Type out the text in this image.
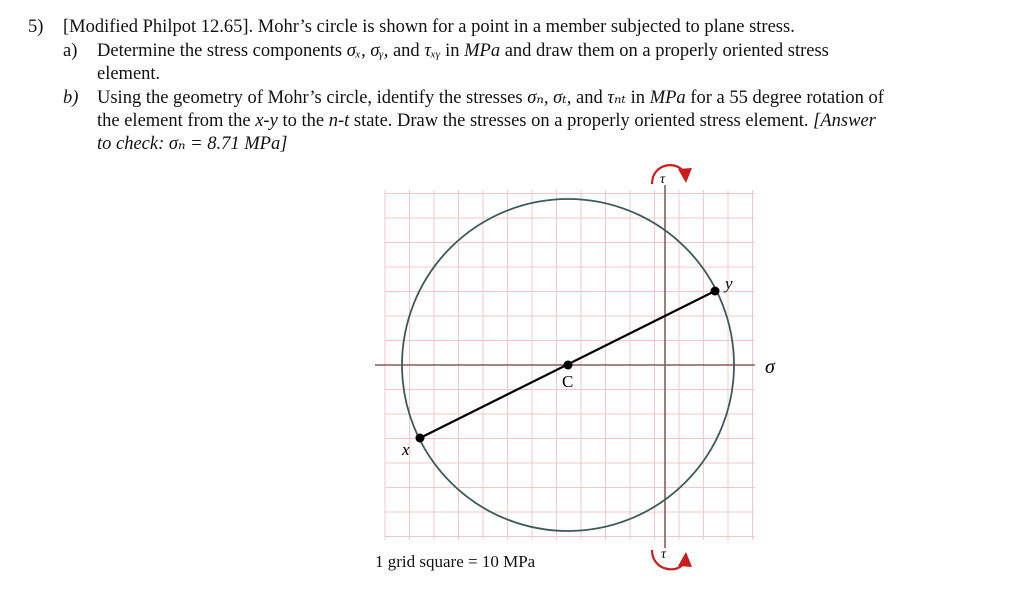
5) [Modified Philpot 12.65]. Mohr’s circle is shown for a point in a member subjected to plane stress.
a) Determine the stress components σₓ, σᵧ, and τₓᵧ in MPa and draw them on a properly oriented stress
element.
b) Using the geometry of Mohr’s circle, identify the stresses σₙ, σₜ, and τₙₜ in MPa for a 55 degree rotation of
the element from the x-y to the n-t state. Draw the stresses on a properly oriented stress element. [Answer
to check: σₙ = 8.71 MPa]
C
x
y
σ
τ
τ
1 grid square = 10 MPa
